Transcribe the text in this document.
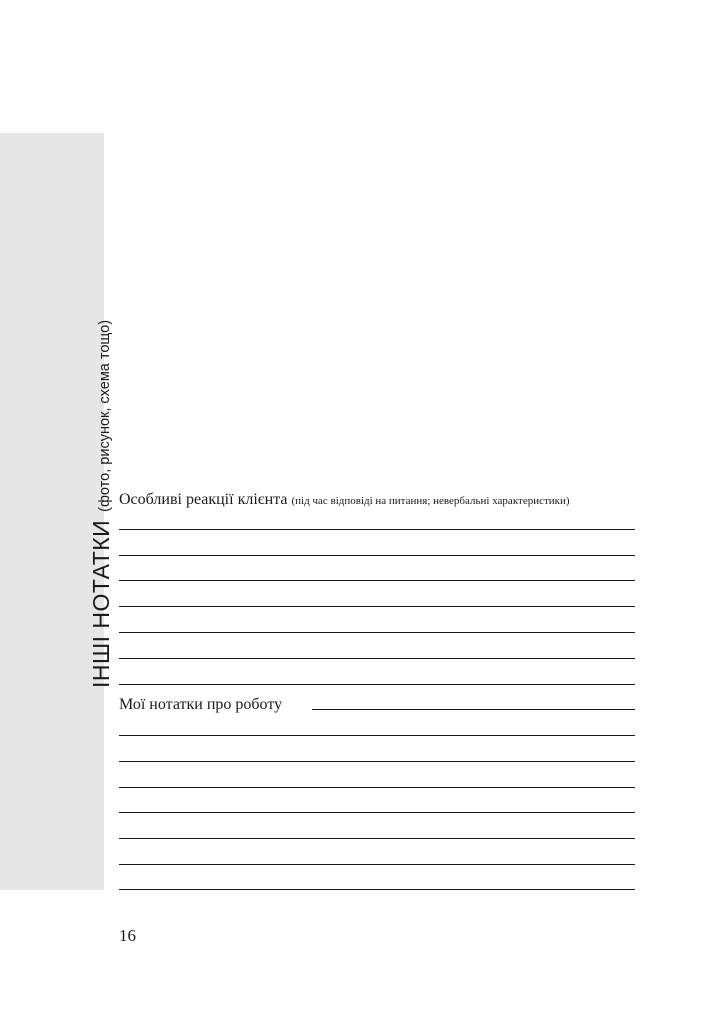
ІНШІ НОТАТКИ(фото, рисунок, схема тощо) Особливі реакції клієнта (під час відповіді на питання; невербальні характеристики)
Мої нотатки про роботу
16
